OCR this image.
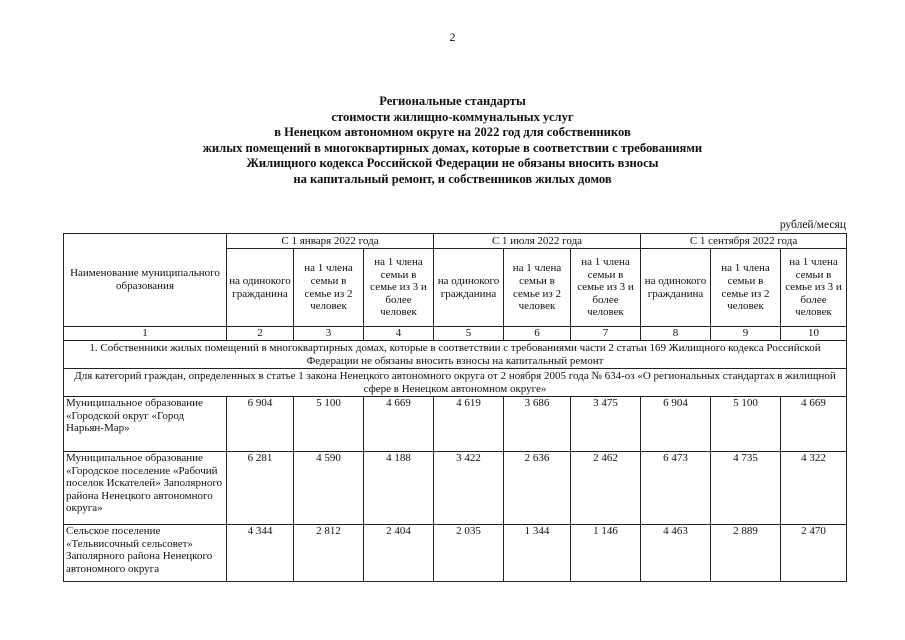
2
Региональные стандарты
стоимости жилищно-коммунальных услуг
в Ненецком автономном округе на 2022 год для собственников
жилых помещений в многоквартирных домах, которые в соответствии с требованиями
Жилищного кодекса Российской Федерации не обязаны вносить взносы
на капитальный ремонт, и собственников жилых домов
рублей/месяц
Наименование муниципального образования	С 1 января 2022 года			С 1 июля 2022 года			С 1 сентября 2022 года		
	на одинокого гражданина	на 1 члена семьи в семье из 2 человек	на 1 члена семьи в семье из 3 и более человек	на одинокого гражданина	на 1 члена семьи в семье из 2 человек	на 1 члена семьи в семье из 3 и более человек	на одинокого гражданина	на 1 члена семьи в семье из 2 человек	на 1 члена семьи в семье из 3 и более человек
1	2	3	4	5	6	7	8	9	10
1. Собственники жилых помещений в многоквартирных домах, которые в соответствии с требованиями части 2 статьи 169 Жилищного кодекса Российской Федерации не обязаны вносить взносы на капитальный ремонт									
Для категорий граждан, определенных в статье 1 закона Ненецкого автономного округа от 2 ноября 2005 года № 634-оз «О региональных стандартах в жилищной сфере в Ненецком автономном округе»									
Муниципальное образование «Городской округ «Город Нарьян-Мар»	6 904	5 100	4 669	4 619	3 686	3 475	6 904	5 100	4 669
Муниципальное образование «Городское поселение «Рабочий поселок Искателей» Заполярного района Ненецкого автономного округа»	6 281	4 590	4 188	3 422	2 636	2 462	6 473	4 735	4 322
Сельское поселение «Тельвисочный сельсовет» Заполярного района Ненецкого автономного округа	4 344	2 812	2 404	2 035	1 344	1 146	4 463	2 889	2 470
